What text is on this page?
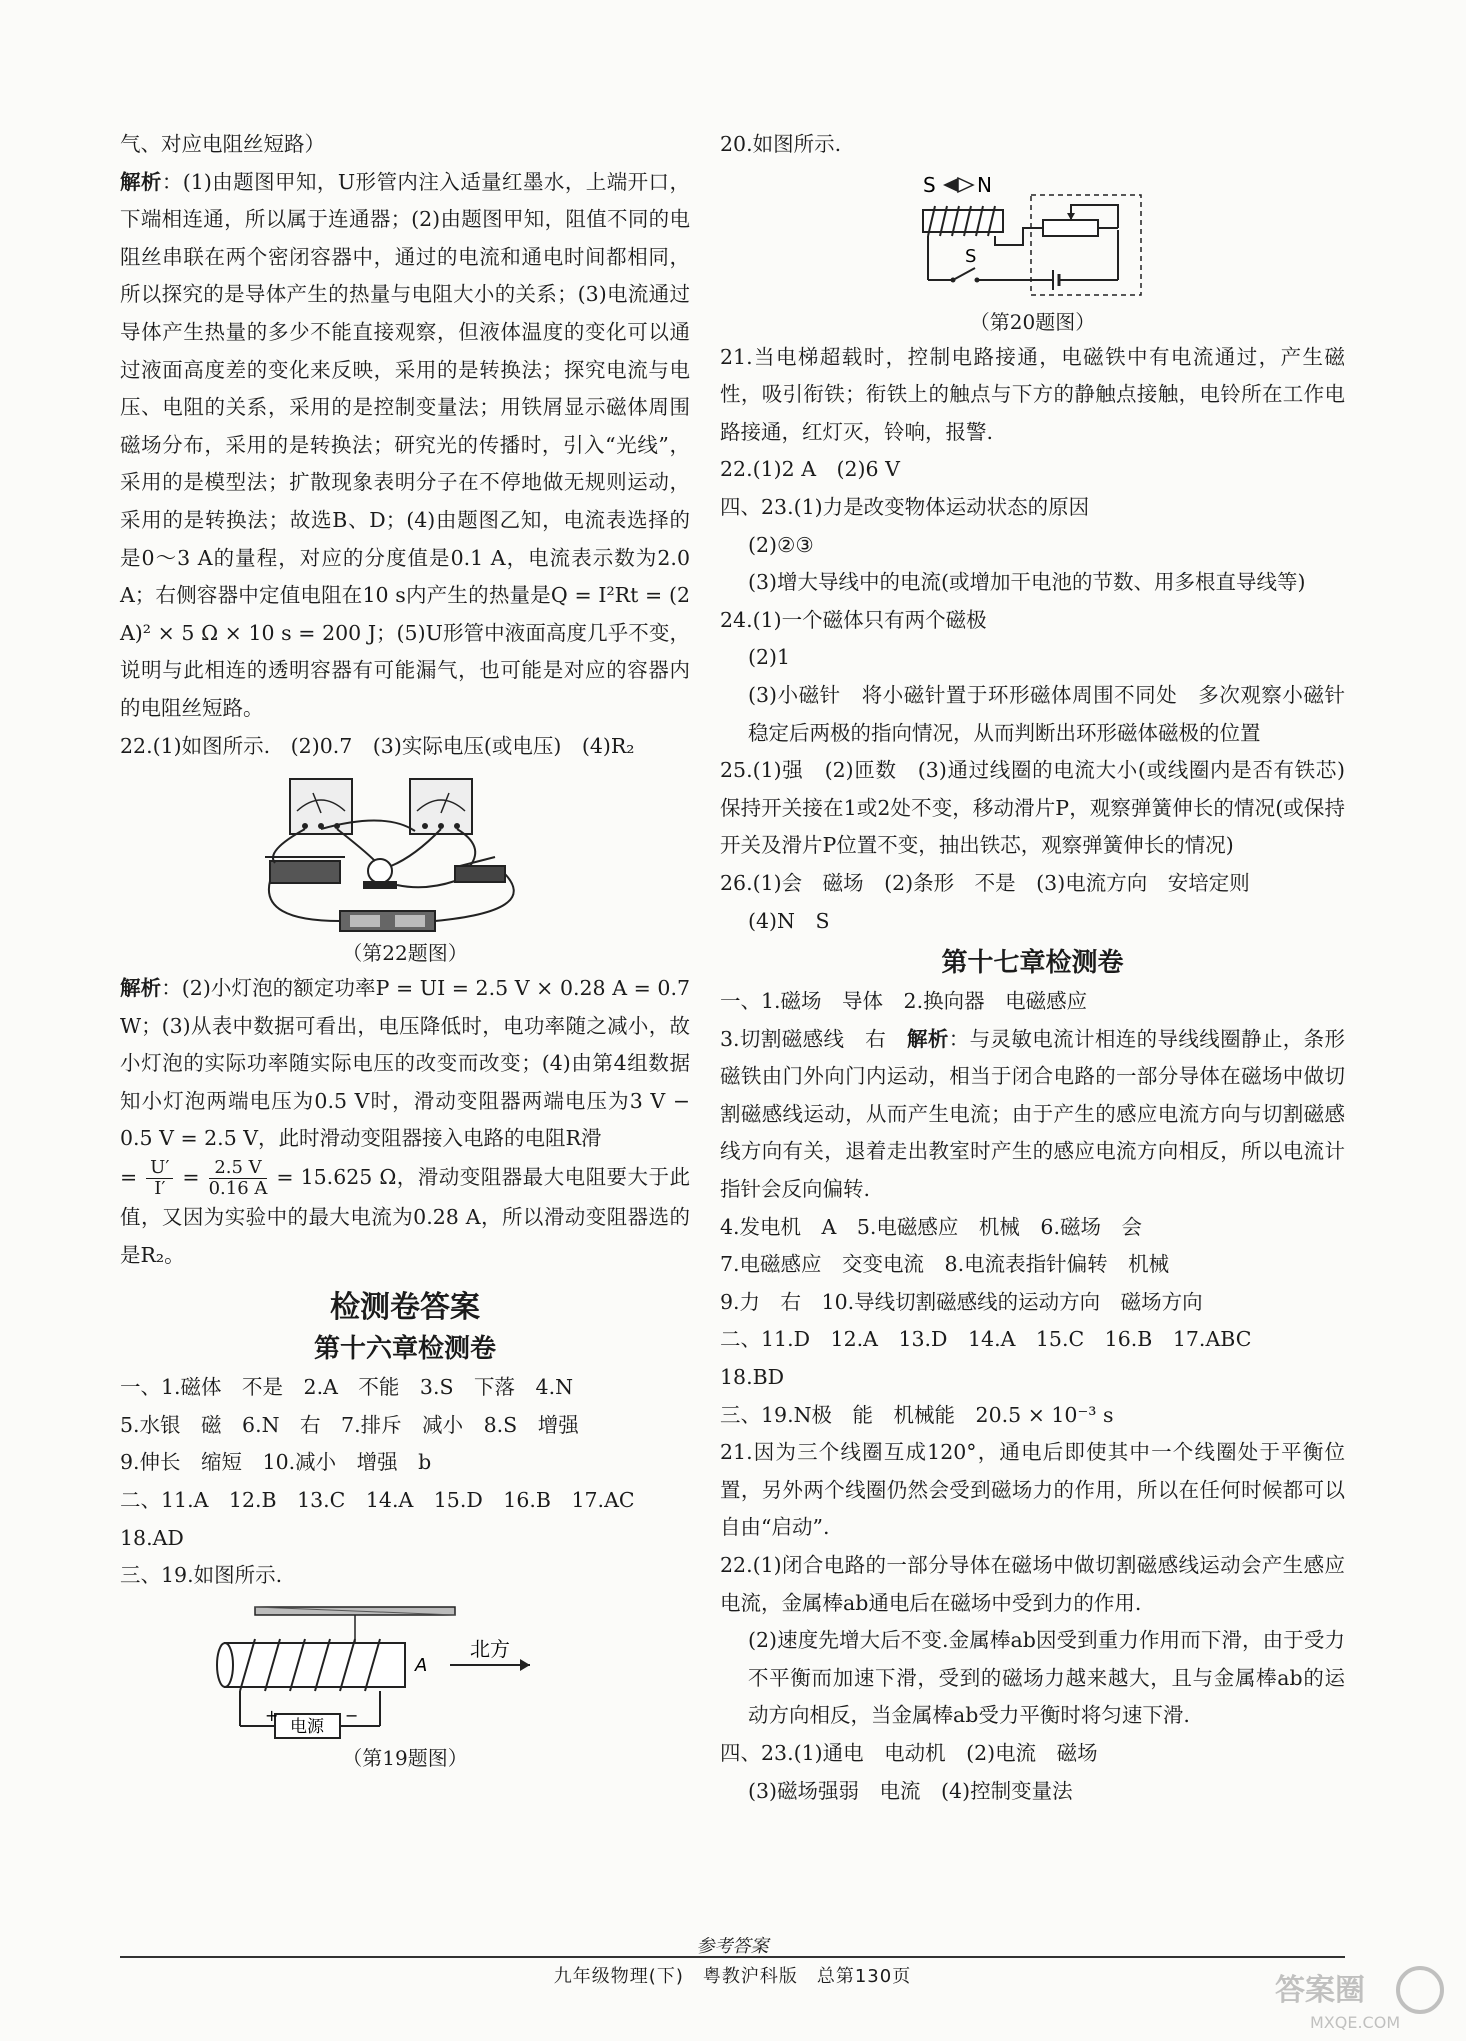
气、对应电阻丝短路）

解析：(1)由题图甲知，U形管内注入适量红墨水，上端开口，下端相连通，所以属于连通器；(2)由题图甲知，阻值不同的电阻丝串联在两个密闭容器中，通过的电流和通电时间都相同，所以探究的是导体产生的热量与电阻大小的关系；(3)电流通过导体产生热量的多少不能直接观察，但液体温度的变化可以通过液面高度差的变化来反映，采用的是转换法；探究电流与电压、电阻的关系，采用的是控制变量法；用铁屑显示磁体周围磁场分布，采用的是转换法；研究光的传播时，引入“光线”，采用的是模型法；扩散现象表明分子在不停地做无规则运动，采用的是转换法；故选B、D；(4)由题图乙知，电流表选择的是0～3 A的量程，对应的分度值是0.1 A，电流表示数为2.0 A；右侧容器中定值电阻在10 s内产生的热量是Q = I²Rt = (2 A)² × 5 Ω × 10 s = 200 J；(5)U形管中液面高度几乎不变，说明与此相连的透明容器有可能漏气，也可能是对应的容器内的电阻丝短路。

22.(1)如图所示.　(2)0.7　(3)实际电压(或电压)　(4)R₂

（第22题图）

解析：(2)小灯泡的额定功率P = UI = 2.5 V × 0.28 A = 0.7 W；(3)从表中数据可看出，电压降低时，电功率随之减小，故小灯泡的实际功率随实际电压的改变而改变；(4)由第4组数据知小灯泡两端电压为0.5 V时，滑动变阻器两端电压为3 V − 0.5 V = 2.5 V，此时滑动变阻器接入电路的电阻R滑

= $\frac{U'}{I'} = \frac{2.5 V}{0.16 A} = 15.625$ Ω，滑动变阻器最大电阻要大于此值，又因为实验中的最大电流为0.28 A，所以滑动变阻器选的是R₂。

检测卷答案

第十六章检测卷

一、1.磁体　不是　2.A　不能　3.S　下落　4.N

5.水银　磁　6.N　右　7.排斥　减小　8.S　增强

9.伸长　缩短　10.减小　增强　b

二、11.A　12.B　13.C　14.A　15.D　16.B　17.AC

18.AD

三、19.如图所示.

电源
+	−
A
北方

（第19题图）

20.如图所示.

S N
S

（第20题图）

21.当电梯超载时，控制电路接通，电磁铁中有电流通过，产生磁性，吸引衔铁；衔铁上的触点与下方的静触点接触，电铃所在工作电路接通，红灯灭，铃响，报警.

22.(1)2 A　(2)6 V

四、23.(1)力是改变物体运动状态的原因

(2)②③

(3)增大导线中的电流(或增加干电池的节数、用多根直导线等)

24.(1)一个磁体只有两个磁极

(2)1

(3)小磁针　将小磁针置于环形磁体周围不同处　多次观察小磁针稳定后两极的指向情况，从而判断出环形磁体磁极的位置

25.(1)强　(2)匝数　(3)通过线圈的电流大小(或线圈内是否有铁芯)　保持开关接在1或2处不变，移动滑片P，观察弹簧伸长的情况(或保持开关及滑片P位置不变，抽出铁芯，观察弹簧伸长的情况)

26.(1)会　磁场　(2)条形　不是　(3)电流方向　安培定则

(4)N　S

第十七章检测卷

一、1.磁场　导体　2.换向器　电磁感应

3.切割磁感线　右　解析：与灵敏电流计相连的导线线圈静止，条形磁铁由门外向门内运动，相当于闭合电路的一部分导体在磁场中做切割磁感线运动，从而产生电流；由于产生的感应电流方向与切割磁感线方向有关，退着走出教室时产生的感应电流方向相反，所以电流计指针会反向偏转.

4.发电机　A　5.电磁感应　机械　6.磁场　会

7.电磁感应　交变电流　8.电流表指针偏转　机械

9.力　右　10.导线切割磁感线的运动方向　磁场方向

二、11.D　12.A　13.D　14.A　15.C　16.B　17.ABC

18.BD

三、19.N极　能　机械能　20.5 × 10⁻³ s

21.因为三个线圈互成120°，通电后即使其中一个线圈处于平衡位置，另外两个线圈仍然会受到磁场力的作用，所以在任何时候都可以自由“启动”.

22.(1)闭合电路的一部分导体在磁场中做切割磁感线运动会产生感应电流，金属棒ab通电后在磁场中受到力的作用.

(2)速度先增大后不变.金属棒ab因受到重力作用而下滑，由于受力不平衡而加速下滑，受到的磁场力越来越大，且与金属棒ab的运动方向相反，当金属棒ab受力平衡时将匀速下滑.

四、23.(1)通电　电动机　(2)电流　磁场

(3)磁场强弱　电流　(4)控制变量法

参考答案
九年级物理(下)　粤教沪科版　总第130页	答案圈
MXQE.COM
